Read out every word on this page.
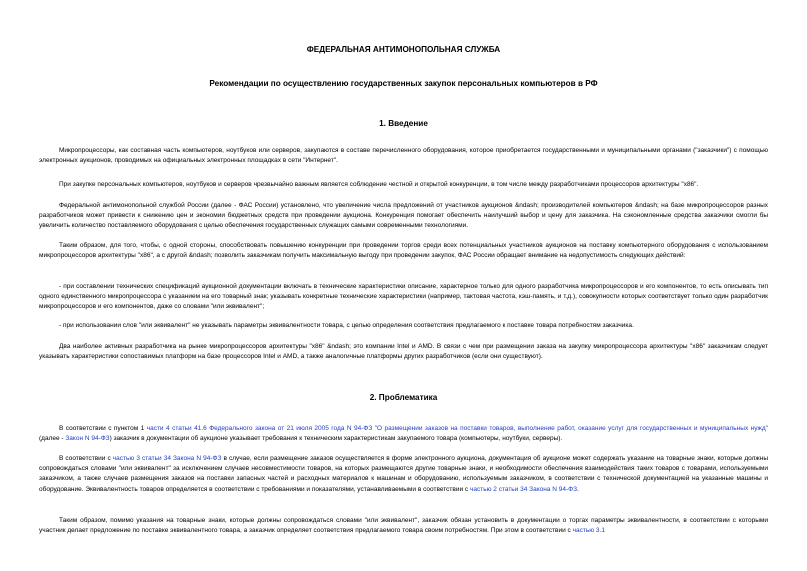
ФЕДЕРАЛЬНАЯ АНТИМОНОПОЛЬНАЯ СЛУЖБА
Рекомендации по осуществлению государственных закупок персональных компьютеров в РФ
1. Введение

Микропроцессоры, как составная часть компьютеров, ноутбуков или серверов, закупаются в составе перечисленного оборудования, которое приобретается государственными и муниципальными органами ("заказчики") с помощью электронных аукционов, проводимых на официальных электронных площадках в сети "Интернет".

При закупке персональных компьютеров, ноутбуков и серверов чрезвычайно важным является соблюдение честной и открытой конкуренции, в том числе между разработчиками процессоров архитектуры "x86".

Федеральной антимонопольной службой России (далее - ФАС России) установлено, что увеличение числа предложений от участников аукционов &ndash; производителей компьютеров &ndash; на базе микропроцессоров разных разработчиков может привести к снижению цен и экономии бюджетных средств при проведении аукциона. Конкуренция помогает обеспечить наилучший выбор и цену для заказчика. На сэкономленные средства заказчики смогли бы увеличить количество поставляемого оборудования с целью обеспечения государственных служащих самыми современными технологиями.

Таким образом, для того, чтобы, с одной стороны, способствовать повышению конкуренции при проведении торгов среди всех потенциальных участников аукционов на поставку компьютерного оборудования с использованием микропроцессоров архитектуры "x86", а с другой &ndash; позволить заказчикам получить максимальную выгоду при проведении закупок, ФАС России обращает внимание на недопустимость следующих действий:

- при составлении технических спецификаций аукционной документации включать в технические характеристики описание, характерное только для одного разработчика микропроцессоров и его компонентов, то есть описывать тип одного единственного микропроцессора с указанием на его товарный знак; указывать конкретные технические характеристики (например, тактовая частота, кэш-память, и т.д.), совокупности которых соответствует только один разработчик микропроцессоров и его компонентов, даже со словами "или эквивалент";

- при использовании слов "или эквивалент" не указывать параметры эквивалентности товара, с целью определения соответствия предлагаемого к поставке товара потребностям заказчика.

Два наиболее активных разработчика на рынке микропроцессоров архитектуры "x86" &ndash; это компании Intel и AMD. В связи с чем при размещении заказа на закупку микропроцессора архитектуры "x86" заказчикам следует указывать характеристики сопоставимых платформ на базе процессоров Intel и AMD, а также аналогичные платформы других разработчиков (если они существуют).

2. Проблематика

В соответствии с пунктом 1 части 4 статьи 41.6 Федерального закона от 21 июля 2005 года N 94-ФЗ "О размещении заказов на поставки товаров, выполнение работ, оказание услуг для государственных и муниципальных нужд" (далее - Закон N 94-ФЗ) заказчик в документации об аукционе указывает требования к техническим характеристикам закупаемого товара (компьютеры, ноутбуки, серверы).

В соответствии с частью 3 статьи 34 Закона N 94-ФЗ в случае, если размещение заказов осуществляется в форме электронного аукциона, документация об аукционе может содержать указание на товарные знаки, которые должны сопровождаться словами "или эквивалент" за исключением случаев несовместимости товаров, на которых размещаются другие товарные знаки, и необходимости обеспечения взаимодействия таких товаров с товарами, используемыми заказчиком, а также случаев размещения заказов на поставки запасных частей и расходных материалов к машинам и оборудованию, используемым заказчиком, в соответствии с технической документацией на указанные машины и оборудование. Эквивалентность товаров определяется в соответствии с требованиями и показателями, устанавливаемыми в соответствии с частью 2 статьи 34 Закона N 94-ФЗ.

Таким образом, помимо указания на товарные знаки, которые должны сопровождаться словами "или эквивалент", заказчик обязан установить в документации о торгах параметры эквивалентности, в соответствии с которыми участник делает предложение по поставке эквивалентного товара, а заказчик определяет соответствия предлагаемого товара своим потребностям. При этом в соответствии с частью 3.1
